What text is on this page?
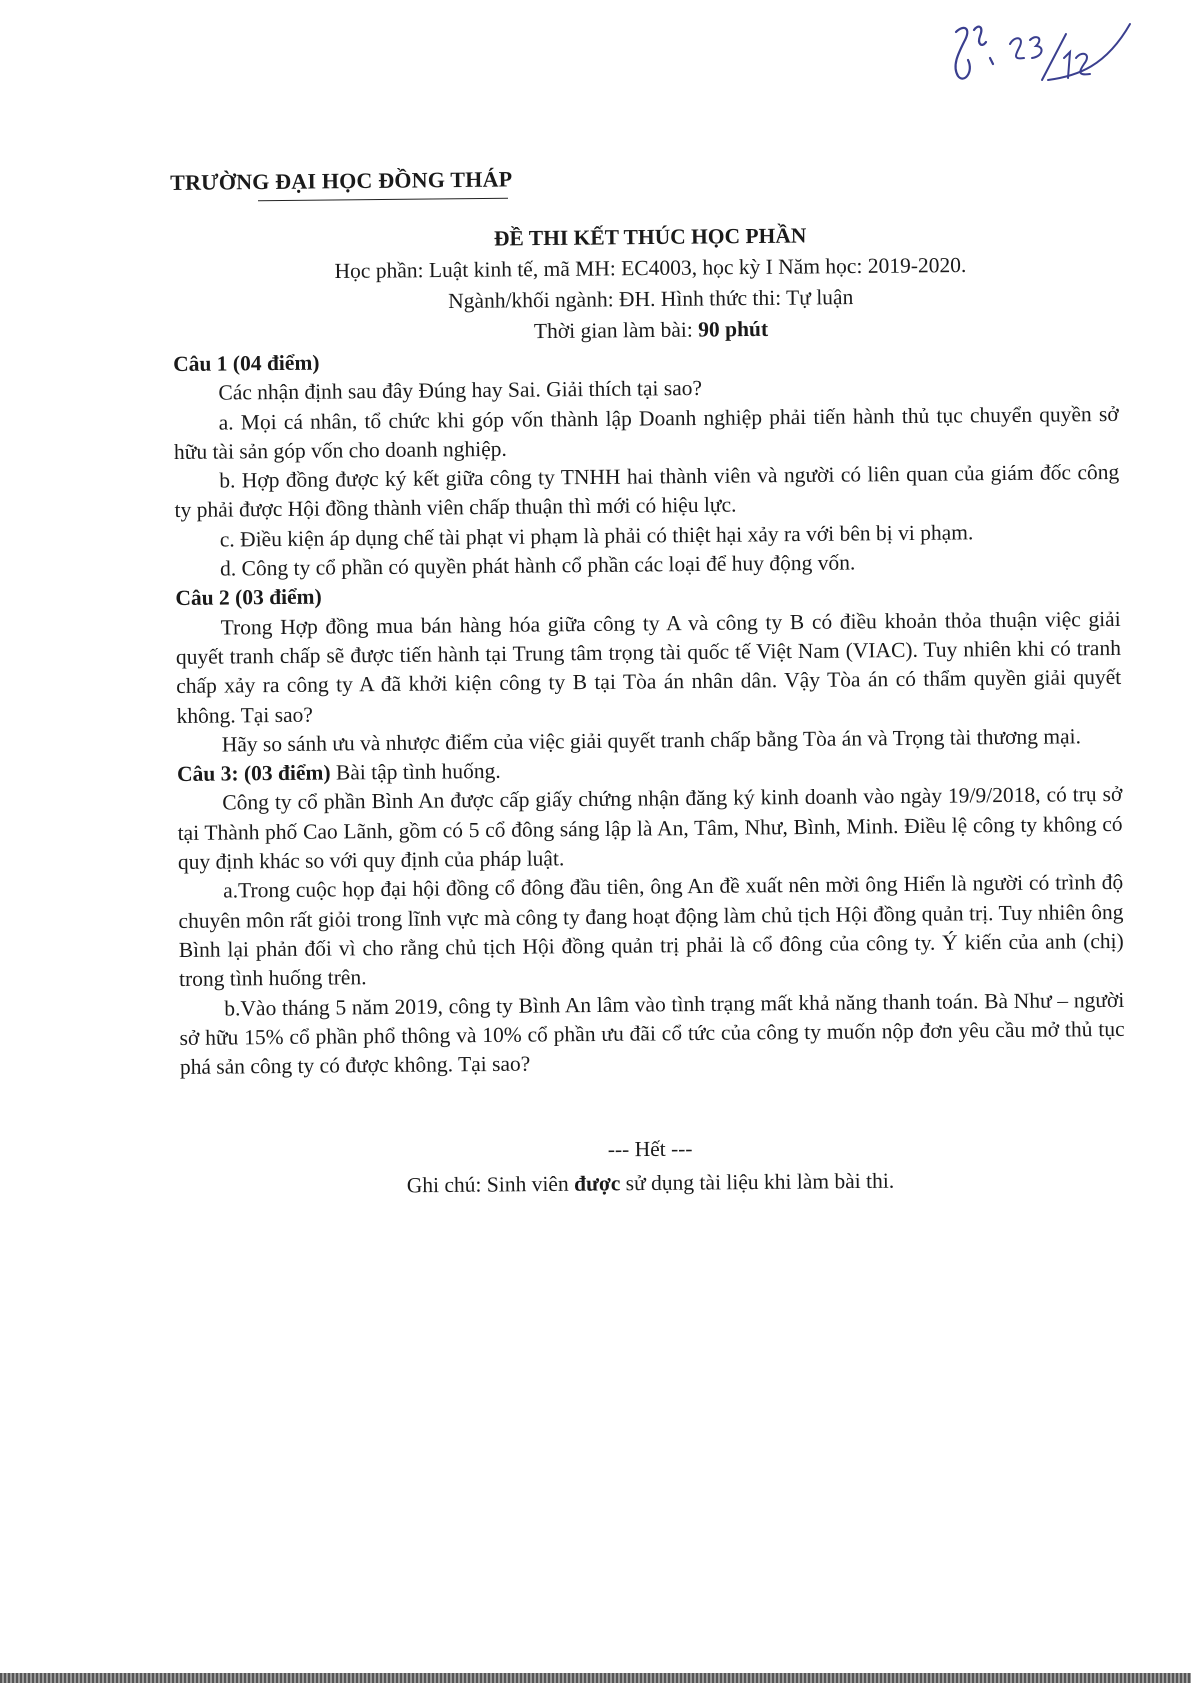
TRƯỜNG ĐẠI HỌC ĐỒNG THÁP
ĐỀ THI KẾT THÚC HỌC PHẦN
Học phần: Luật kinh tế, mã MH: EC4003, học kỳ I Năm học: 2019-2020.
Ngành/khối ngành: ĐH. Hình thức thi: Tự luận
Thời gian làm bài: 90 phút
Câu 1 (04 điểm)
Các nhận định sau đây Đúng hay Sai. Giải thích tại sao?
a. Mọi cá nhân, tổ chức khi góp vốn thành lập Doanh nghiệp phải tiến hành thủ tục chuyển quyền sở hữu tài sản góp vốn cho doanh nghiệp.
b. Hợp đồng được ký kết giữa công ty TNHH hai thành viên và người có liên quan của giám đốc công ty phải được Hội đồng thành viên chấp thuận thì mới có hiệu lực.
c. Điều kiện áp dụng chế tài phạt vi phạm là phải có thiệt hại xảy ra với bên bị vi phạm.
d. Công ty cổ phần có quyền phát hành cổ phần các loại để huy động vốn.
Câu 2 (03 điểm)
Trong Hợp đồng mua bán hàng hóa giữa công ty A và công ty B có điều khoản thỏa thuận việc giải quyết tranh chấp sẽ được tiến hành tại Trung tâm trọng tài quốc tế Việt Nam (VIAC). Tuy nhiên khi có tranh chấp xảy ra công ty A đã khởi kiện công ty B tại Tòa án nhân dân. Vậy Tòa án có thẩm quyền giải quyết không. Tại sao?
Hãy so sánh ưu và nhược điểm của việc giải quyết tranh chấp bằng Tòa án và Trọng tài thương mại.
Câu 3: (03 điểm) Bài tập tình huống.
Công ty cổ phần Bình An được cấp giấy chứng nhận đăng ký kinh doanh vào ngày 19/9/2018, có trụ sở tại Thành phố Cao Lãnh, gồm có 5 cổ đông sáng lập là An, Tâm, Như, Bình, Minh. Điều lệ công ty không có quy định khác so với quy định của pháp luật.
a.Trong cuộc họp đại hội đồng cổ đông đầu tiên, ông An đề xuất nên mời ông Hiển là người có trình độ chuyên môn rất giỏi trong lĩnh vực mà công ty đang hoạt động làm chủ tịch Hội đồng quản trị. Tuy nhiên ông Bình lại phản đối vì cho rằng chủ tịch Hội đồng quản trị phải là cổ đông của công ty. Ý kiến của anh (chị) trong tình huống trên.
b.Vào tháng 5 năm 2019, công ty Bình An lâm vào tình trạng mất khả năng thanh toán. Bà Như – người sở hữu 15% cổ phần phổ thông và 10% cổ phần ưu đãi cổ tức của công ty muốn nộp đơn yêu cầu mở thủ tục phá sản công ty có được không. Tại sao?
--- Hết ---
Ghi chú: Sinh viên được sử dụng tài liệu khi làm bài thi.
